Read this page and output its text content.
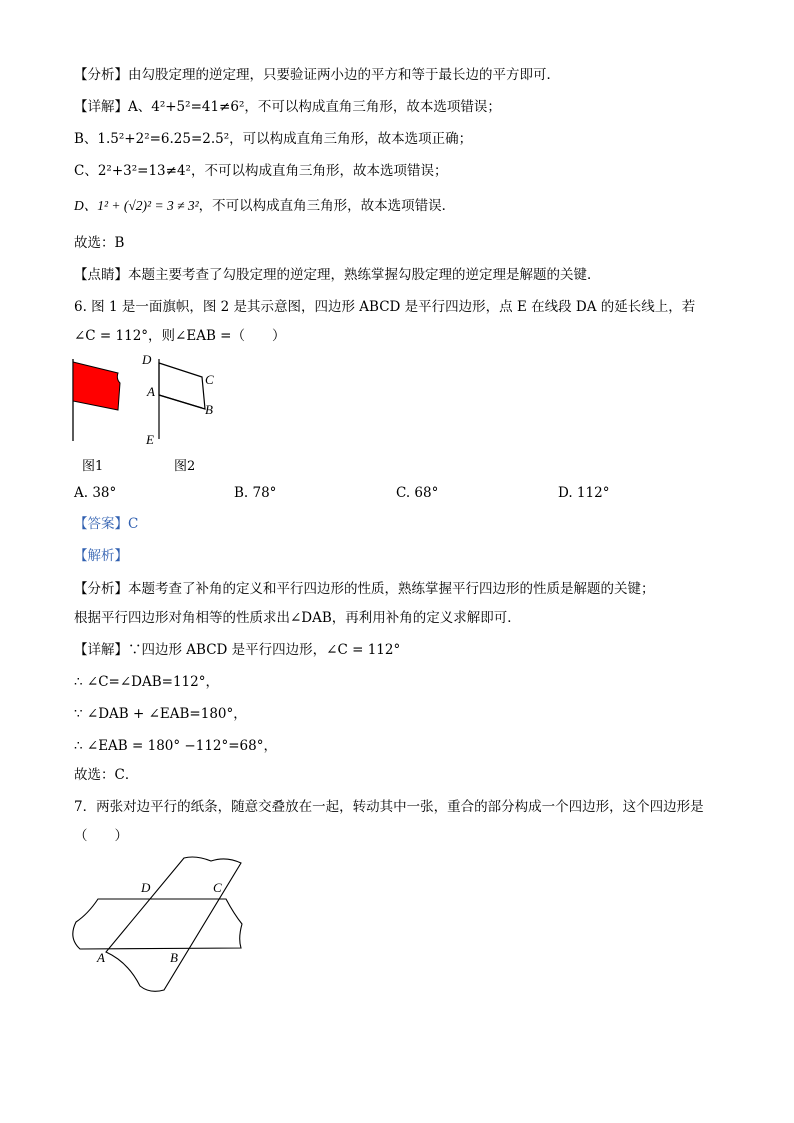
【分析】由勾股定理的逆定理，只要验证两小边的平方和等于最长边的平方即可．
【详解】A、4²+5²=41≠6²，不可以构成直角三角形，故本选项错误；
B、1.5²+2²=6.25=2.5²，可以构成直角三角形，故本选项正确；
C、2²+3²=13≠4²，不可以构成直角三角形，故本选项错误；
D、1² + (√2)² = 3 ≠ 3²，不可以构成直角三角形，故本选项错误．
故选：B
【点睛】本题主要考查了勾股定理的逆定理，熟练掌握勾股定理的逆定理是解题的关键．
6. 图 1 是一面旗帜，图 2 是其示意图，四边形 ABCD 是平行四边形，点 E 在线段 DA 的延长线上，若
∠C = 112°，则∠EAB =（　　）
D
A
C
B
E
图1	图2
A. 38°	B. 78°	C. 68°	D. 112°
【答案】C
【解析】
【分析】本题考查了补角的定义和平行四边形的性质，熟练掌握平行四边形的性质是解题的关键；
根据平行四边形对角相等的性质求出∠DAB，再利用补角的定义求解即可．
【详解】∵四边形 ABCD 是平行四边形，∠C = 112°
∴ ∠C=∠DAB=112°，
∵ ∠DAB + ∠EAB=180°，
∴ ∠EAB = 180° −112°=68°，
故选：C．
7．两张对边平行的纸条，随意交叠放在一起，转动其中一张，重合的部分构成一个四边形，这个四边形是
（　　）
D	C
A	B
